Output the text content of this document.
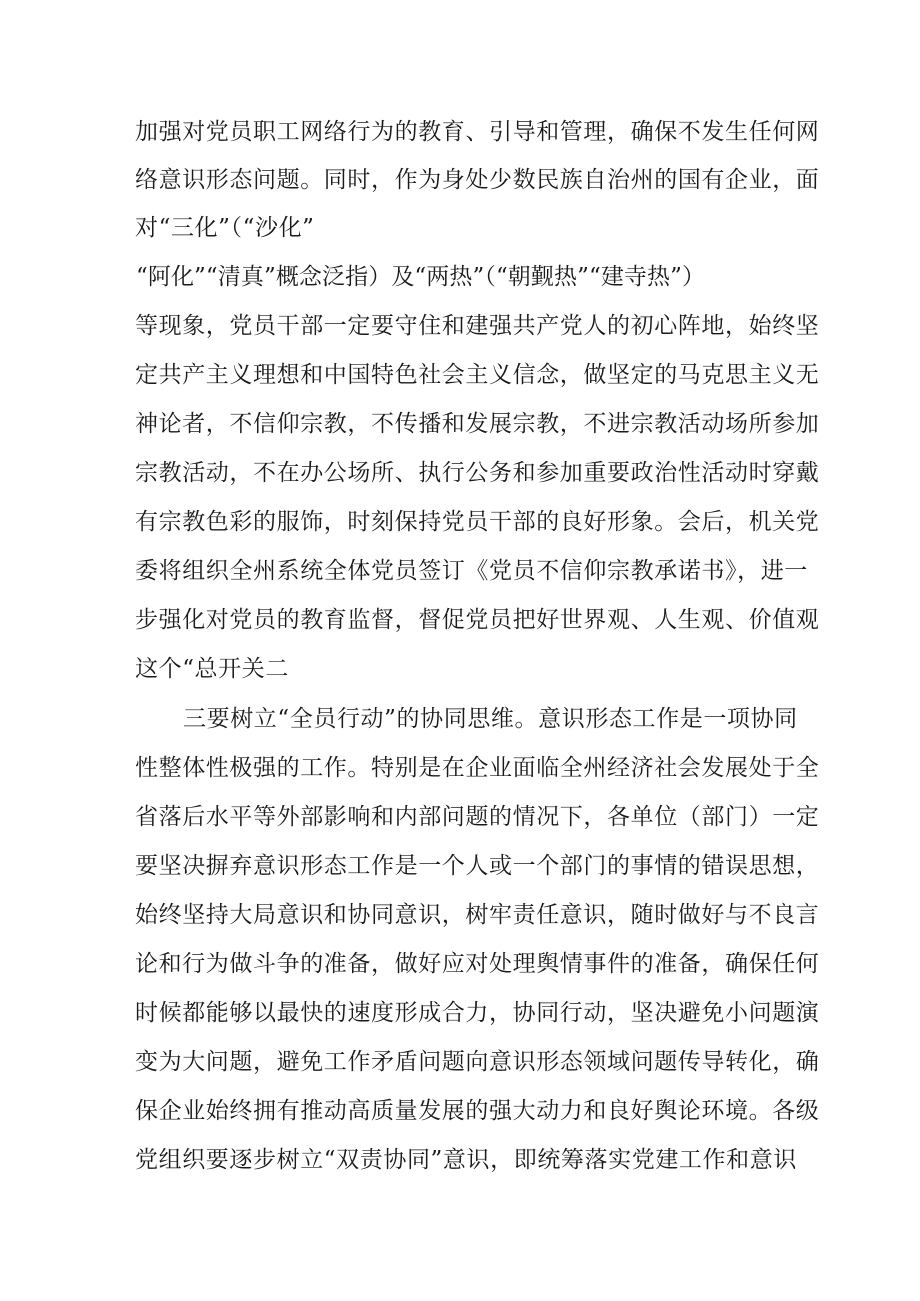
加强对党员职工网络行为的教育、引导和管理，确保不发生任何网
络意识形态问题。同时，作为身处少数民族自治州的国有企业，面
对“三化”（“沙化”
“阿化”“清真”概念泛指）及“两热”（“朝觐热”“建寺热”）
等现象，党员干部一定要守住和建强共产党人的初心阵地，始终坚
定共产主义理想和中国特色社会主义信念，做坚定的马克思主义无
神论者，不信仰宗教，不传播和发展宗教，不进宗教活动场所参加
宗教活动，不在办公场所、执行公务和参加重要政治性活动时穿戴
有宗教色彩的服饰，时刻保持党员干部的良好形象。会后，机关党
委将组织全州系统全体党员签订《党员不信仰宗教承诺书》，进一
步强化对党员的教育监督，督促党员把好世界观、人生观、价值观
这个“总开关二
三要树立“全员行动”的协同思维。意识形态工作是一项协同
性整体性极强的工作。特别是在企业面临全州经济社会发展处于全
省落后水平等外部影响和内部问题的情况下，各单位（部门）一定
要坚决摒弃意识形态工作是一个人或一个部门的事情的错误思想，
始终坚持大局意识和协同意识，树牢责任意识，随时做好与不良言
论和行为做斗争的准备，做好应对处理舆情事件的准备，确保任何
时候都能够以最快的速度形成合力，协同行动，坚决避免小问题演
变为大问题，避免工作矛盾问题向意识形态领域问题传导转化，确
保企业始终拥有推动高质量发展的强大动力和良好舆论环境。各级
党组织要逐步树立“双责协同”意识，即统筹落实党建工作和意识
